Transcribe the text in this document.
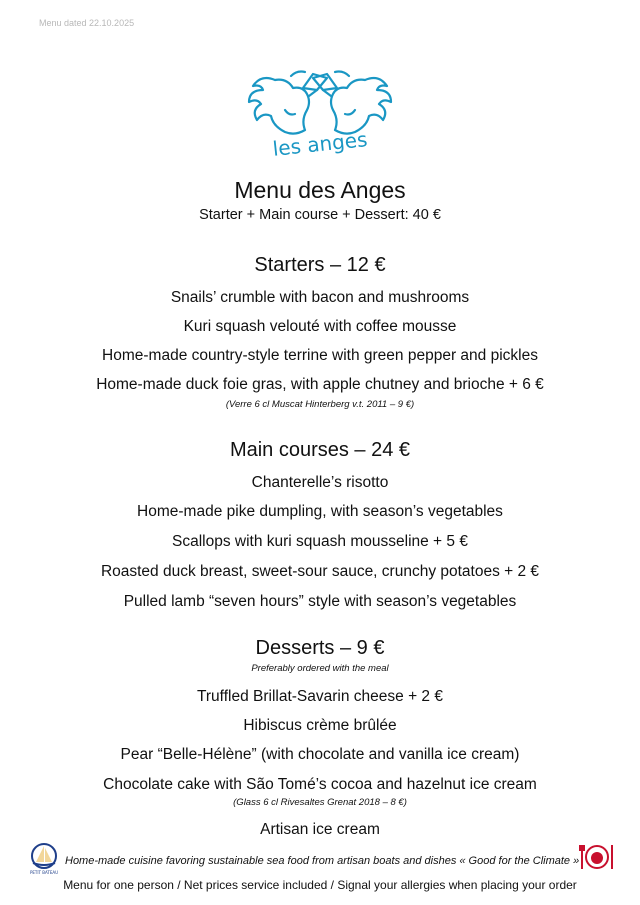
Menu dated 22.10.2025
les anges
Menu des Anges
Starter + Main course + Dessert: 40 €
Starters – 12 €
Snails’ crumble with bacon and mushrooms
Kuri squash velouté with coffee mousse
Home-made country-style terrine with green pepper and pickles
Home-made duck foie gras, with apple chutney and brioche + 6 €
(Verre 6 cl Muscat Hinterberg v.t. 2011 – 9 €)
Main courses – 24 €
Chanterelle’s risotto
Home-made pike dumpling, with season’s vegetables
Scallops with kuri squash mousseline + 5 €
Roasted duck breast, sweet-sour sauce, crunchy potatoes + 2 €
Pulled lamb “seven hours” style with season’s vegetables
Desserts – 9 €
Preferably ordered with the meal
Truffled Brillat-Savarin cheese + 2 €
Hibiscus crème brûlée
Pear “Belle-Hélène” (with chocolate and vanilla ice cream)
Chocolate cake with São Tomé’s cocoa and hazelnut ice cream
(Glass 6 cl Rivesaltes Grenat 2018 – 8 €)
Artisan ice cream
PETIT BATEAU
Home-made cuisine favoring sustainable sea food from artisan boats and dishes « Good for the Climate »
Menu for one person / Net prices service included / Signal your allergies when placing your order
